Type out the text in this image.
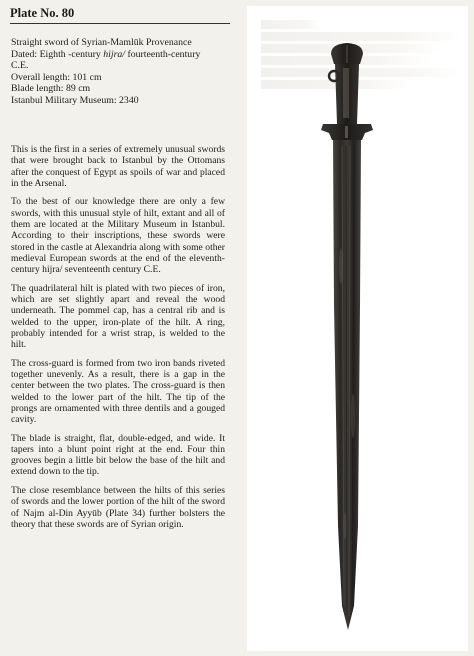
Plate No. 80
Straight sword of Syrian-Mamlūk Provenance
Dated: Eighth -century hijra/ fourteenth-century
C.E.
Overall length: 101 cm
Blade length: 89 cm
Istanbul Military Museum: 2340

This is the first in a series of extremely unusual swords that were brought back to Istanbul by the Ottomans after the conquest of Egypt as spoils of war and placed in the Arsenal.

To the best of our knowledge there are only a few swords, with this unusual style of hilt, extant and all of them are located at the Military Museum in Istanbul. According to their inscriptions, these swords were stored in the castle at Alexandria along with some other medieval European swords at the end of the eleventh-century hijra/ seventeenth century C.E.

The quadrilateral hilt is plated with two pieces of iron, which are set slightly apart and reveal the wood underneath. The pommel cap, has a central rib and is welded to the upper, iron-plate of the hilt. A ring, probably intended for a wrist strap, is welded to the hilt.

The cross-guard is formed from two iron bands riveted together unevenly. As a result, there is a gap in the center between the two plates. The cross-guard is then welded to the lower part of the hilt. The tip of the prongs are ornamented with three dentils and a gouged cavity.

The blade is straight, flat, double-edged, and wide. It tapers into a blunt point right at the end. Four thin grooves begin a little bit below the base of the hilt and extend down to the tip.

The close resemblance between the hilts of this series of swords and the lower portion of the hilt of the sword of Najm al-Din Ayyūb (Plate 34) further bolsters the theory that these swords are of Syrian origin.
